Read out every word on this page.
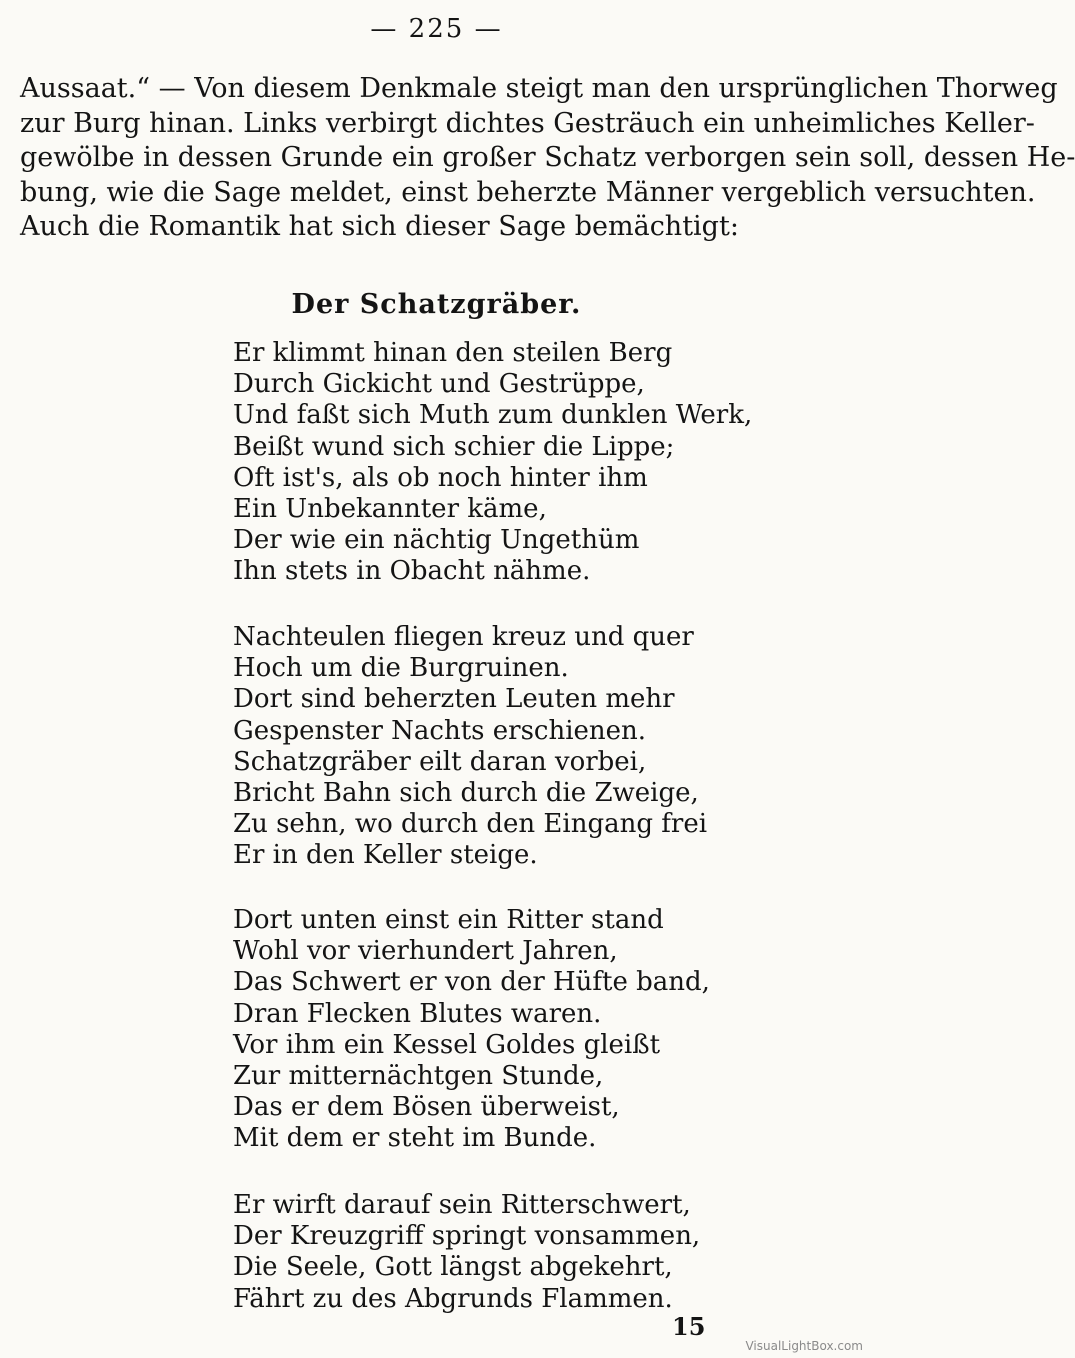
— 225 —
Aussaat.“ — Von diesem Denkmale steigt man den ursprünglichen Thorweg
zur Burg hinan. Links verbirgt dichtes Gesträuch ein unheimliches Keller-
gewölbe in dessen Grunde ein großer Schatz verborgen sein soll, dessen He-
bung, wie die Sage meldet, einst beherzte Männer vergeblich versuchten.
Auch die Romantik hat sich dieser Sage bemächtigt:
Der Schatzgräber.
Er klimmt hinan den steilen Berg
Durch Gickicht und Gestrüppe,
Und faßt sich Muth zum dunklen Werk,
Beißt wund sich schier die Lippe;
Oft ist's, als ob noch hinter ihm
Ein Unbekannter käme,
Der wie ein nächtig Ungethüm
Ihn stets in Obacht nähme.
Nachteulen fliegen kreuz und quer
Hoch um die Burgruinen.
Dort sind beherzten Leuten mehr
Gespenster Nachts erschienen.
Schatzgräber eilt daran vorbei,
Bricht Bahn sich durch die Zweige,
Zu sehn, wo durch den Eingang frei
Er in den Keller steige.
Dort unten einst ein Ritter stand
Wohl vor vierhundert Jahren,
Das Schwert er von der Hüfte band,
Dran Flecken Blutes waren.
Vor ihm ein Kessel Goldes gleißt
Zur mitternächtgen Stunde,
Das er dem Bösen überweist,
Mit dem er steht im Bunde.
Er wirft darauf sein Ritterschwert,
Der Kreuzgriff springt vonsammen,
Die Seele, Gott längst abgekehrt,
Fährt zu des Abgrunds Flammen.
15
VisualLightBox.com
